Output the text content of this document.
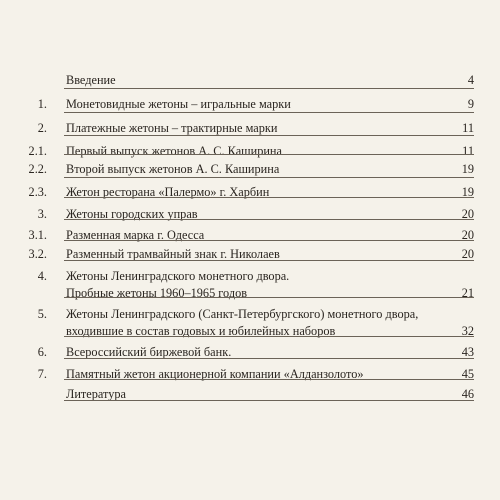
Введение	4
1. Монетовидные жетоны – игральные марки	9
2. Платежные жетоны – трактирные марки	11
2.1. Первый выпуск жетонов А. С. Каширина	11
2.2. Второй выпуск жетонов А. С. Каширина	19
2.3. Жетон ресторана «Палермо» г. Харбин	19
3. Жетоны городских управ	20
3.1. Разменная марка г. Одесса	20
3.2. Разменный трамвайный знак г. Николаев	20
4. Жетоны Ленинградского монетного двора.
Пробные жетоны 1960–1965 годов	21
5. Жетоны Ленинградского (Санкт-Петербургского) монетного двора,
входившие в состав годовых и юбилейных наборов	32
6. Всероссийский биржевой банк.	43
7. Памятный жетон акционерной компании «Алданзолото»	45
Литература	46
